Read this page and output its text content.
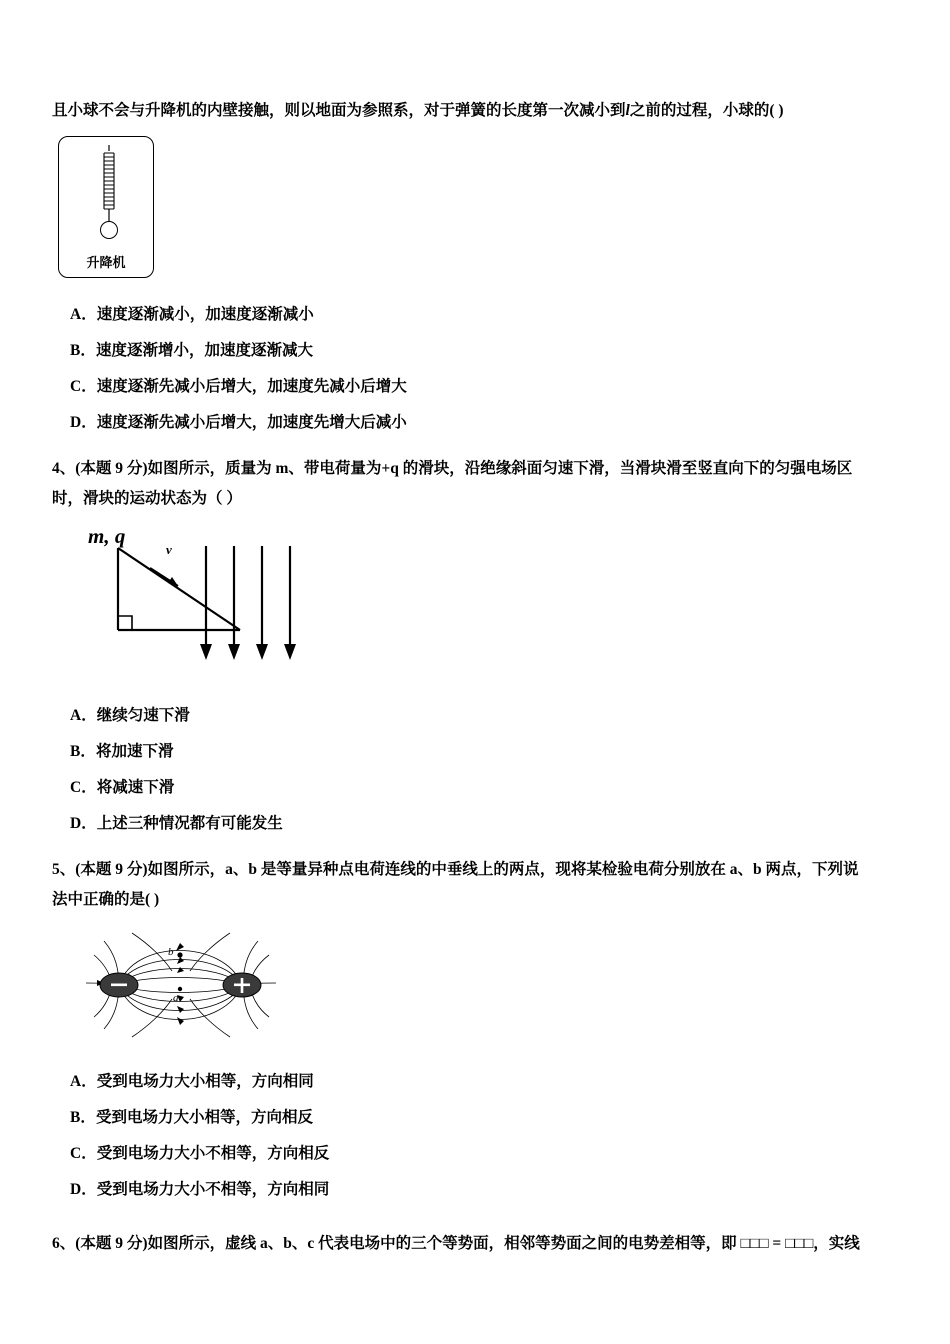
且小球不会与升降机的内壁接触，则以地面为参照系，对于弹簧的长度第一次减小到l之前的过程，小球的( )
升降机
A．速度逐渐减小，加速度逐渐减小
B．速度逐渐增小，加速度逐渐减大
C．速度逐渐先减小后增大，加速度先减小后增大
D．速度逐渐先减小后增大，加速度先增大后减小
4、(本题 9 分)如图所示，质量为 m、带电荷量为+q 的滑块，沿绝缘斜面匀速下滑，当滑块滑至竖直向下的匀强电场区
时，滑块的运动状态为（ ）
m, q
v
A．继续匀速下滑
B．将加速下滑
C．将减速下滑
D．上述三种情况都有可能发生
5、(本题 9 分)如图所示，a、b 是等量异种点电荷连线的中垂线上的两点，现将某检验电荷分别放在 a、b 两点，下列说
法中正确的是( )
a
b
A．受到电场力大小相等，方向相同
B．受到电场力大小相等，方向相反
C．受到电场力大小不相等，方向相反
D．受到电场力大小不相等，方向相同
6、(本题 9 分)如图所示，虚线 a、b、c 代表电场中的三个等势面，相邻等势面之间的电势差相等，即 □□□ = □□□，实线
